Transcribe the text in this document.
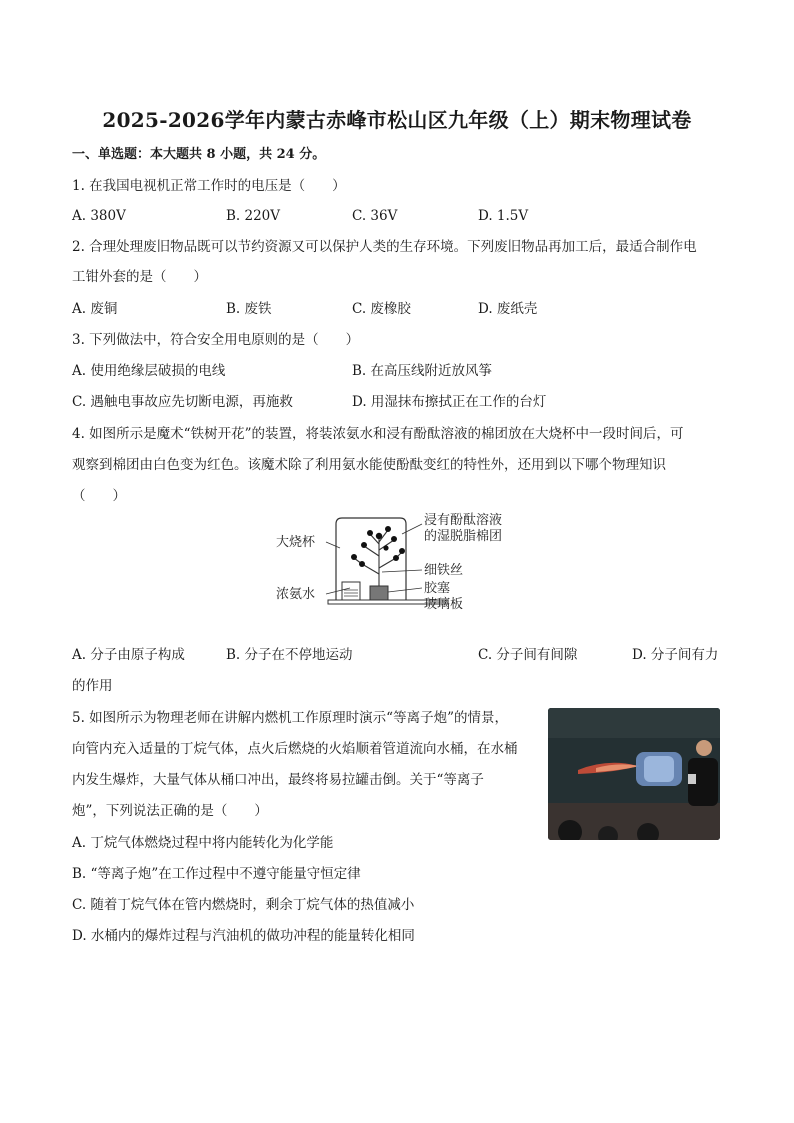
2025-2026学年内蒙古赤峰市松山区九年级（上）期末物理试卷
一、单选题：本大题共 8 小题，共 24 分。
1. 在我国电视机正常工作时的电压是（　　）
A. 380V	B. 220V	C. 36V	D. 1.5V
2. 合理处理废旧物品既可以节约资源又可以保护人类的生存环境。下列废旧物品再加工后，最适合制作电
工钳外套的是（　　）
A. 废铜	B. 废铁	C. 废橡胶	D. 废纸壳
3. 下列做法中，符合安全用电原则的是（　　）
A. 使用绝缘层破损的电线	B. 在高压线附近放风筝
C. 遇触电事故应先切断电源，再施救	D. 用湿抹布擦拭正在工作的台灯
4. 如图所示是魔术“铁树开花”的装置，将装浓氨水和浸有酚酞溶液的棉团放在大烧杯中一段时间后，可
观察到棉团由白色变为红色。该魔术除了利用氨水能使酚酞变红的特性外，还用到以下哪个物理知识
（　　）
大烧杯
浓氨水
浸有酚酞溶液
的湿脱脂棉团
细铁丝
胶塞
玻璃板
A. 分子由原子构成	B. 分子在不停地运动	C. 分子间有间隙	D. 分子间有力
的作用
5. 如图所示为物理老师在讲解内燃机工作原理时演示“等离子炮”的情景，
向管内充入适量的丁烷气体，点火后燃烧的火焰顺着管道流向水桶，在水桶
内发生爆炸，大量气体从桶口冲出，最终将易拉罐击倒。关于“等离子
炮”，下列说法正确的是（　　）
A. 丁烷气体燃烧过程中将内能转化为化学能
B. “等离子炮”在工作过程中不遵守能量守恒定律
C. 随着丁烷气体在管内燃烧时，剩余丁烷气体的热值减小
D. 水桶内的爆炸过程与汽油机的做功冲程的能量转化相同
